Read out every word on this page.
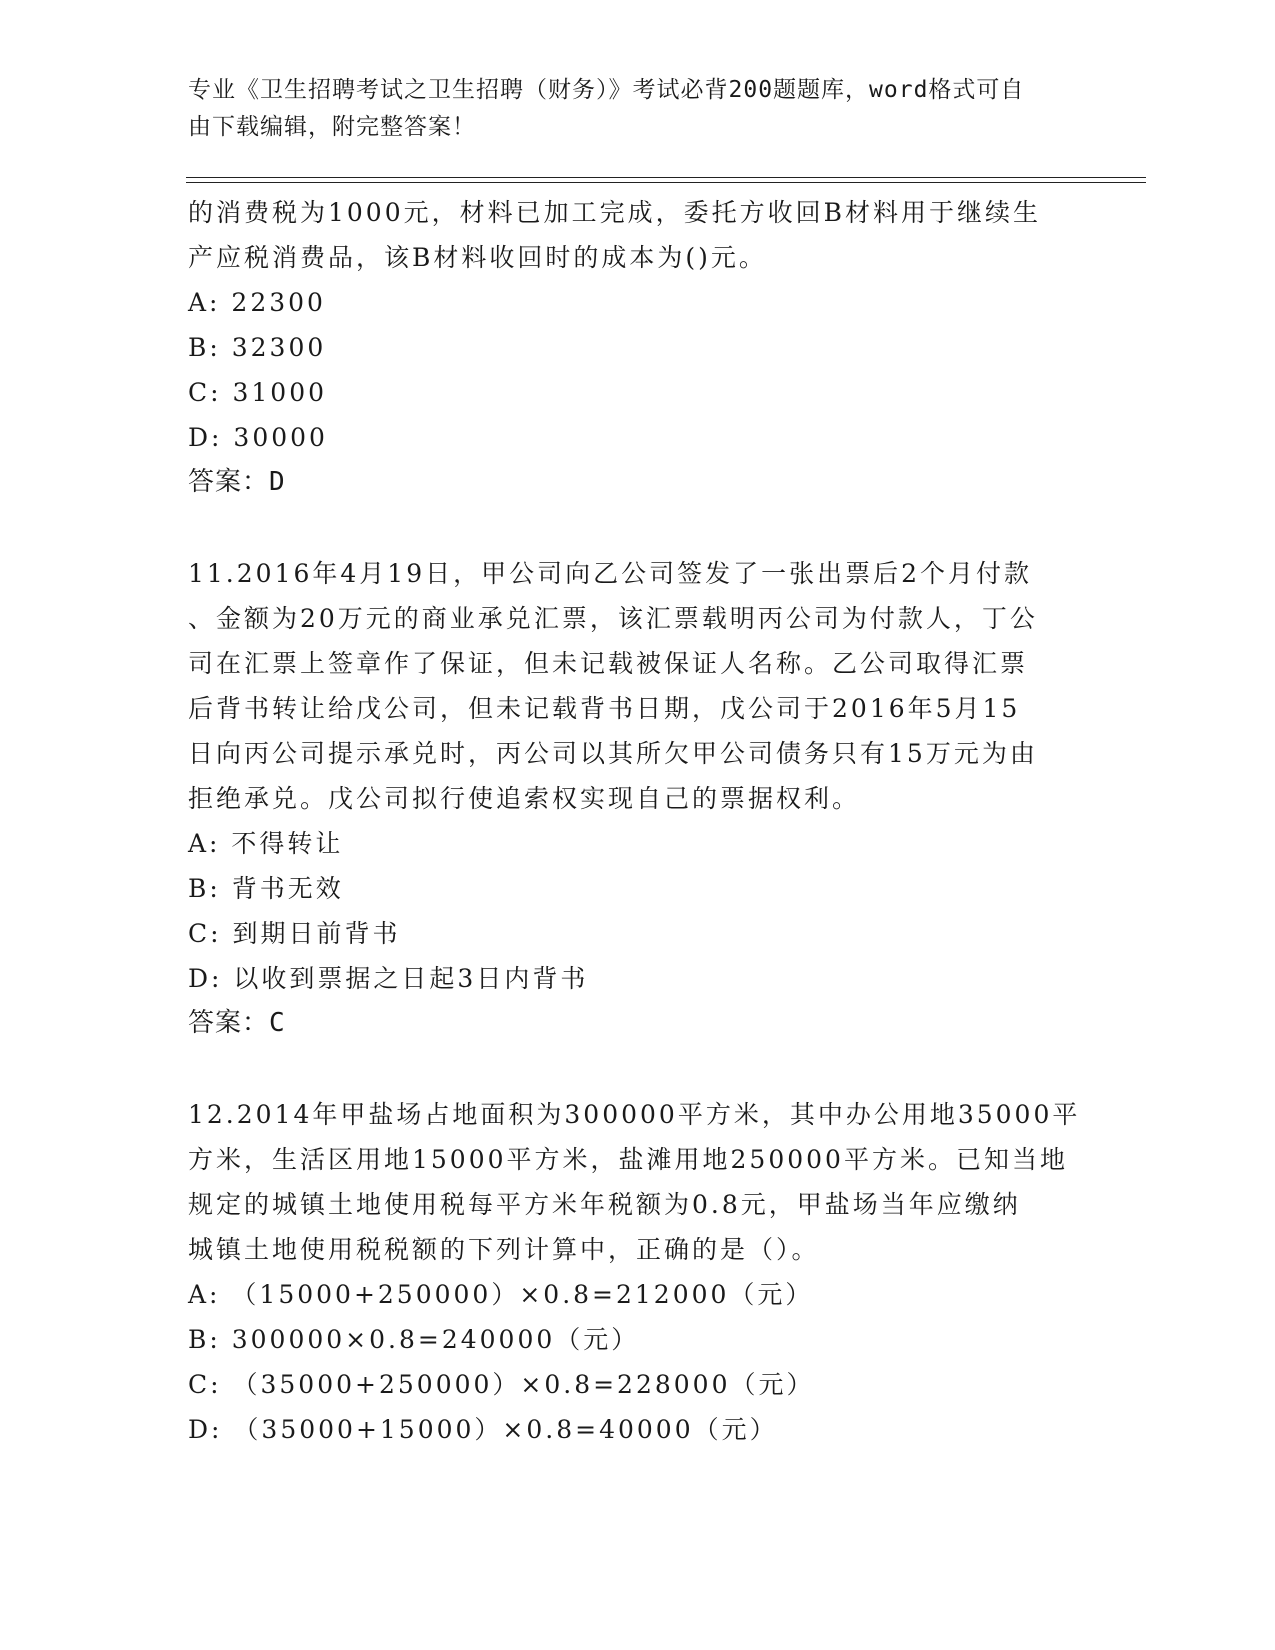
专业《卫生招聘考试之卫生招聘（财务）》考试必背200题题库，word格式可自
由下载编辑，附完整答案！

的消费税为1000元，材料已加工完成，委托方收回B材料用于继续生

产应税消费品，该B材料收回时的成本为()元。

A: 22300

B: 32300

C: 31000

D: 30000

答案：D

11.2016年4月19日，甲公司向乙公司签发了一张出票后2个月付款

、金额为20万元的商业承兑汇票，该汇票载明丙公司为付款人，丁公

司在汇票上签章作了保证，但未记载被保证人名称。乙公司取得汇票

后背书转让给戊公司，但未记载背书日期，戊公司于2016年5月15

日向丙公司提示承兑时，丙公司以其所欠甲公司债务只有15万元为由

拒绝承兑。戊公司拟行使追索权实现自己的票据权利。

A: 不得转让

B: 背书无效

C: 到期日前背书

D: 以收到票据之日起3日内背书

答案：C

12.2014年甲盐场占地面积为300000平方米，其中办公用地35000平

方米，生活区用地15000平方米，盐滩用地250000平方米。已知当地

规定的城镇土地使用税每平方米年税额为0.8元，甲盐场当年应缴纳

城镇土地使用税税额的下列计算中，正确的是（）。

A: （15000+250000）×0.8=212000（元）

B: 300000×0.8=240000（元）

C: （35000+250000）×0.8=228000（元）

D: （35000+15000）×0.8=40000（元）
